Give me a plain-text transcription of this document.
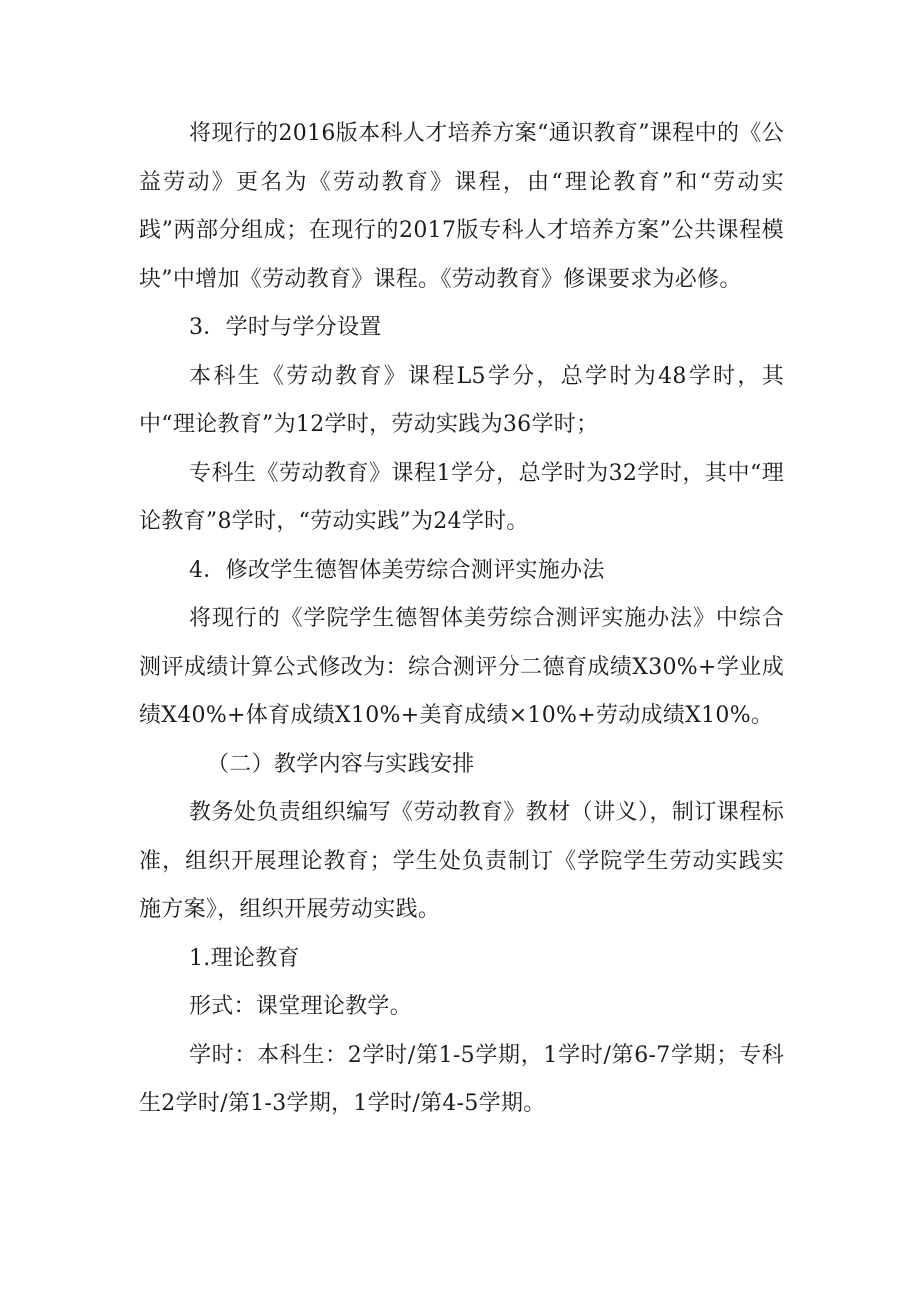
将现行的2016版本科人才培养方案“通识教育”课程中的《公益劳动》更名为《劳动教育》课程，由“理论教育”和“劳动实践”两部分组成；在现行的2017版专科人才培养方案”公共课程模块”中增加《劳动教育》课程。《劳动教育》修课要求为必修。

3．学时与学分设置

本科生《劳动教育》课程L5学分，总学时为48学时，其中“理论教育”为12学时，劳动实践为36学时；

专科生《劳动教育》课程1学分，总学时为32学时，其中“理论教育”8学时，“劳动实践”为24学时。

4．修改学生德智体美劳综合测评实施办法

将现行的《学院学生德智体美劳综合测评实施办法》中综合测评成绩计算公式修改为：综合测评分二德育成绩X30%+学业成绩X40%+体育成绩X10%+美育成绩×10%+劳动成绩X10%。

（二）教学内容与实践安排

教务处负责组织编写《劳动教育》教材（讲义），制订课程标准，组织开展理论教育；学生处负责制订《学院学生劳动实践实施方案》，组织开展劳动实践。

1.理论教育

形式：课堂理论教学。

学时：本科生：2学时/第1-5学期，1学时/第6-7学期；专科生2学时/第1-3学期，1学时/第4-5学期。
